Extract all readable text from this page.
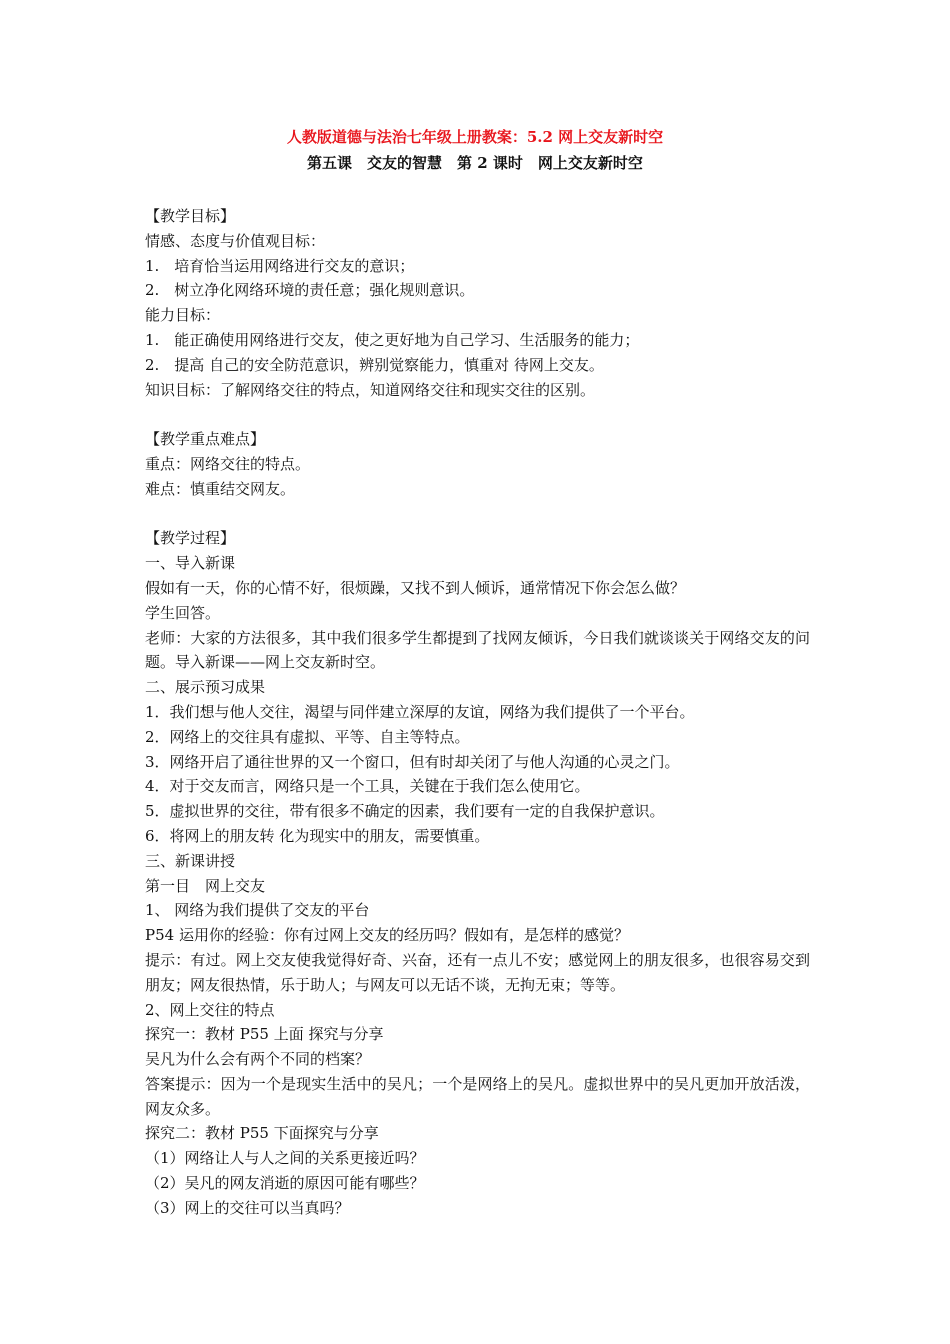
人教版道德与法治七年级上册教案：5.2 网上交友新时空
第五课　交友的智慧　第 2 课时　网上交友新时空
【教学目标】
情感、态度与价值观目标：
1.　培育恰当运用网络进行交友的意识；
2.　树立净化网络环境的责任意；强化规则意识。
能力目标：
1.　能正确使用网络进行交友，使之更好地为自己学习、生活服务的能力；
2.　提高 自己的安全防范意识，辨别觉察能力，慎重对 待网上交友。
知识目标：了解网络交往的特点，知道网络交往和现实交往的区别。
【教学重点难点】
重点：网络交往的特点。
难点：慎重结交网友。
【教学过程】
一、导入新课
假如有一天，你的心情不好，很烦躁，又找不到人倾诉，通常情况下你会怎么做？
学生回答。
老师：大家的方法很多，其中我们很多学生都提到了找网友倾诉，今日我们就谈谈关于网络交友的问题。导入新课——网上交友新时空。
二、展示预习成果
1．我们想与他人交往，渴望与同伴建立深厚的友谊，网络为我们提供了一个平台。
2．网络上的交往具有虚拟、平等、自主等特点。
3．网络开启了通往世界的又一个窗口，但有时却关闭了与他人沟通的心灵之门。
4．对于交友而言，网络只是一个工具，关键在于我们怎么使用它。
5．虚拟世界的交往，带有很多不确定的因素，我们要有一定的自我保护意识。
6．将网上的朋友转 化为现实中的朋友，需要慎重。
三、新课讲授
第一目　网上交友
1、 网络为我们提供了交友的平台
P54 运用你的经验：你有过网上交友的经历吗？假如有，是怎样的感觉？
提示：有过。网上交友使我觉得好奇、兴奋，还有一点儿不安；感觉网上的朋友很多，也很容易交到朋友；网友很热情，乐于助人；与网友可以无话不谈，无拘无束；等等。
2、网上交往的特点
探究一：教材 P55 上面 探究与分享
吴凡为什么会有两个不同的档案？
答案提示：因为一个是现实生活中的吴凡；一个是网络上的吴凡。虚拟世界中的吴凡更加开放活泼，网友众多。
探究二：教材 P55 下面探究与分享
（1）网络让人与人之间的关系更接近吗？
（2）吴凡的网友消逝的原因可能有哪些？
（3）网上的交往可以当真吗？
